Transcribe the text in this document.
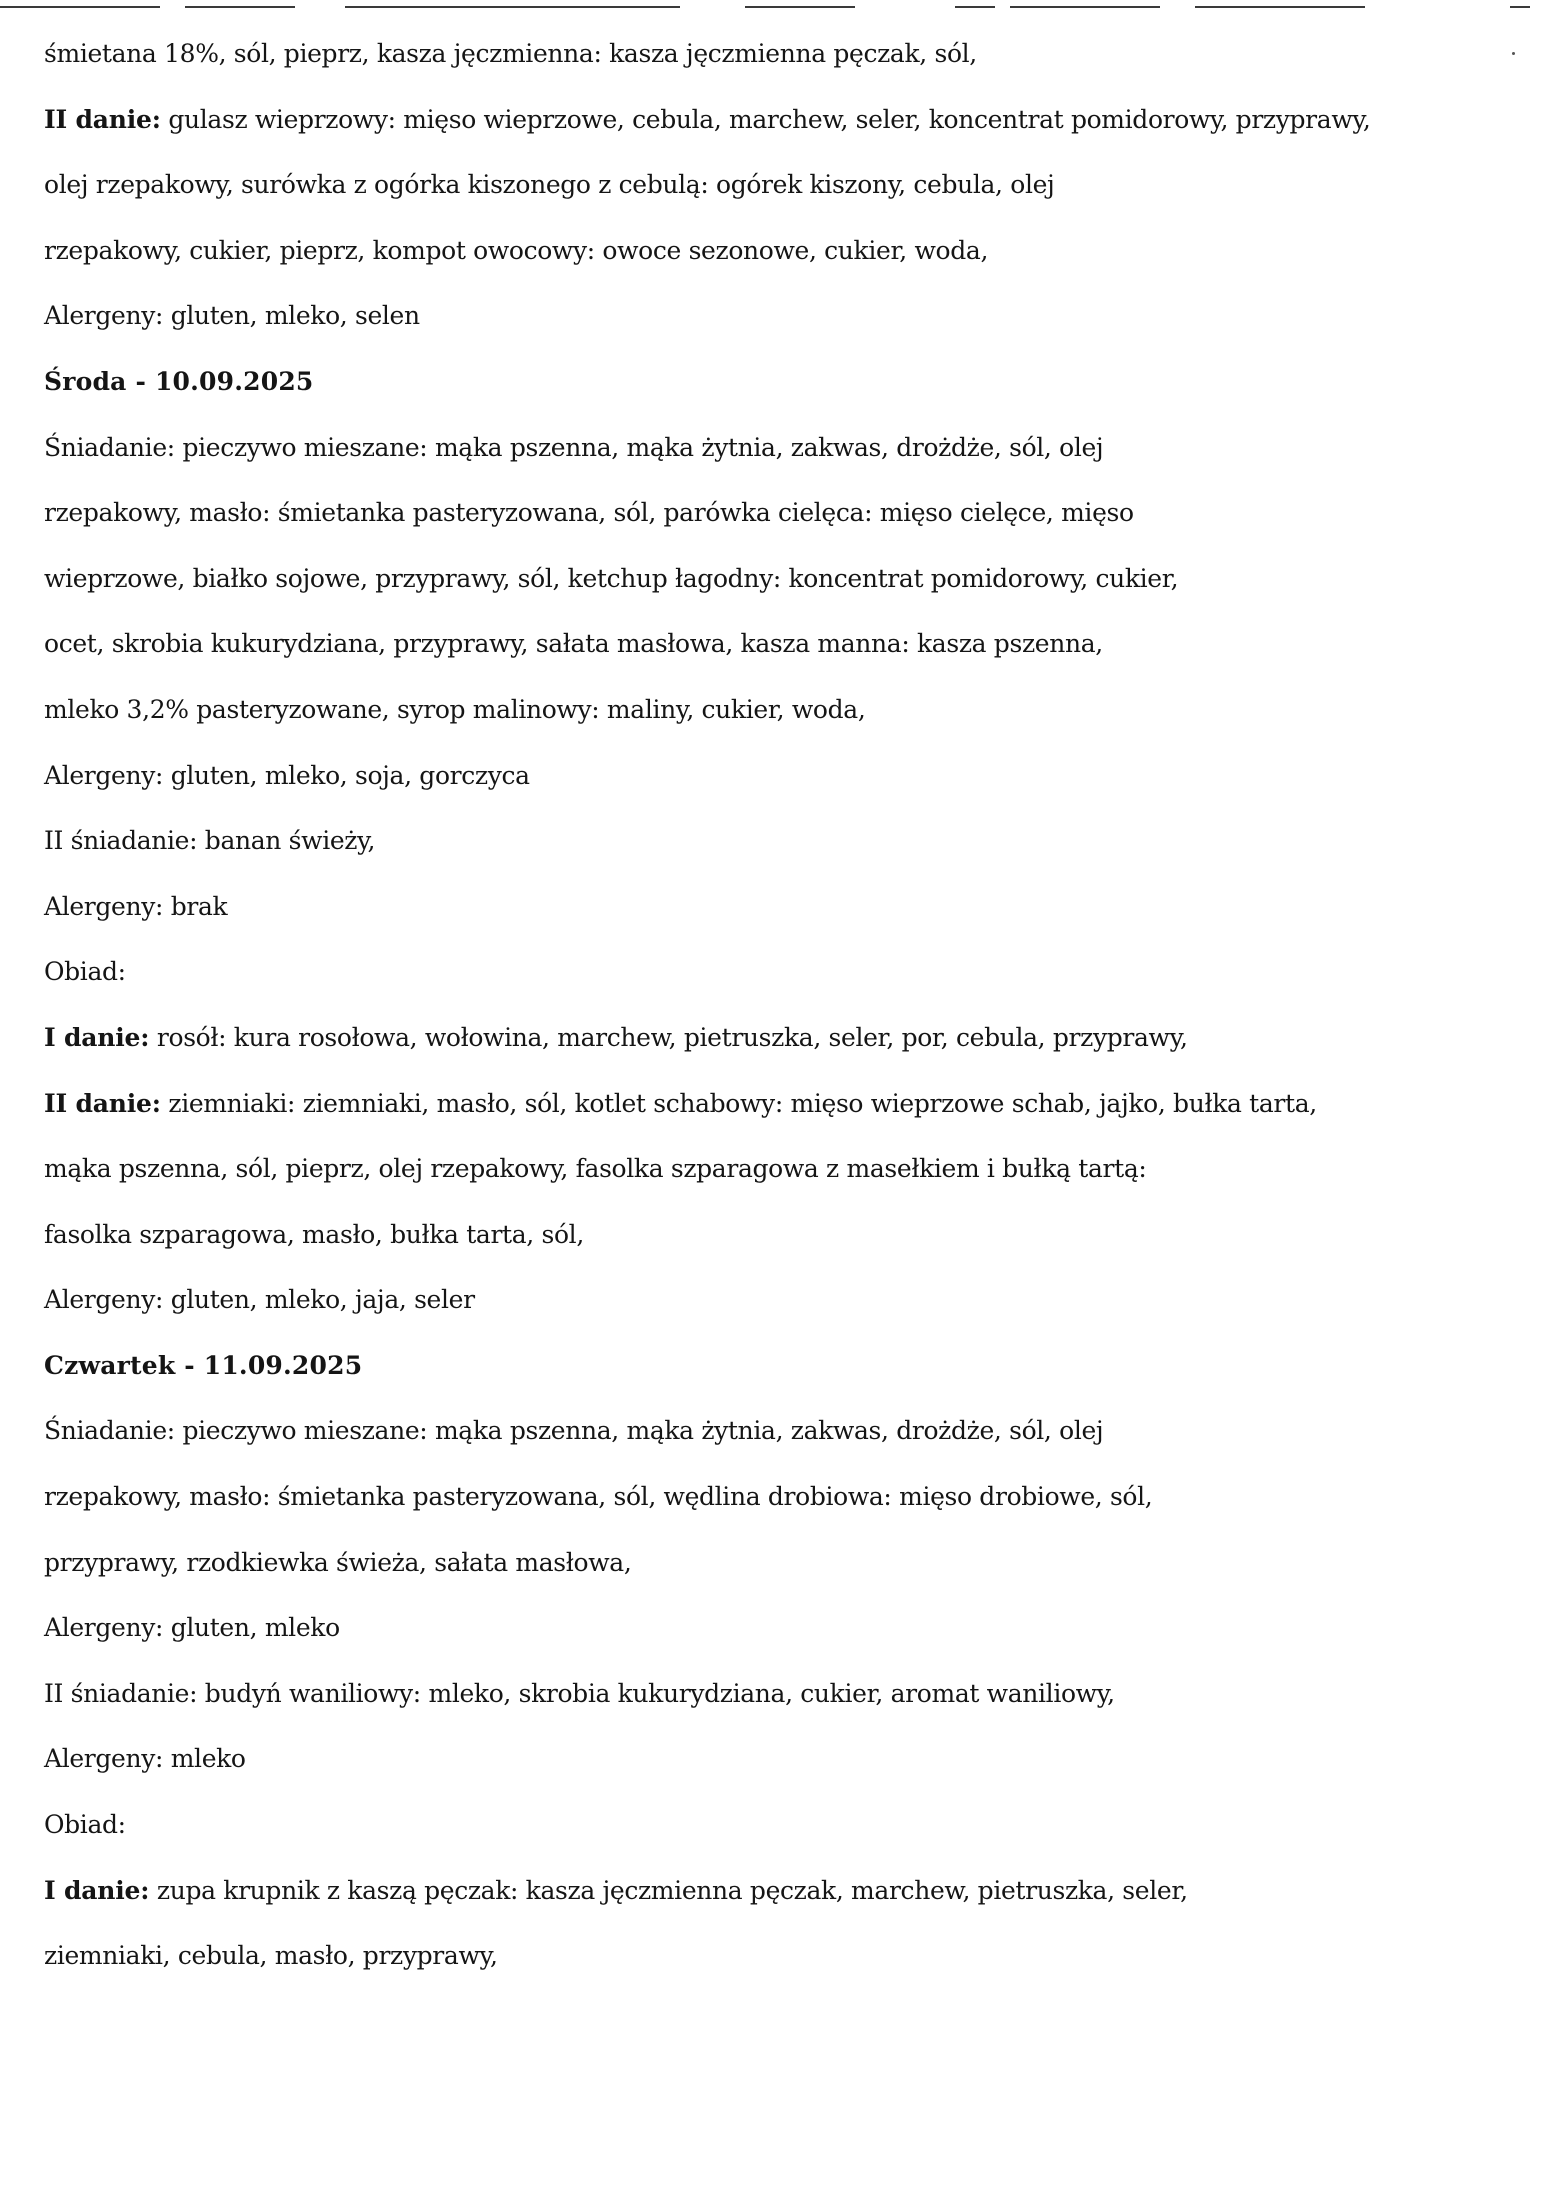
śmietana 18%, sól, pieprz, kasza jęczmienna: kasza jęczmienna pęczak, sól,
II danie: gulasz wieprzowy: mięso wieprzowe, cebula, marchew, seler, koncentrat pomidorowy, przyprawy,
olej rzepakowy, surówka z ogórka kiszonego z cebulą: ogórek kiszony, cebula, olej
rzepakowy, cukier, pieprz, kompot owocowy: owoce sezonowe, cukier, woda,
Alergeny: gluten, mleko, selen
Środa - 10.09.2025
Śniadanie: pieczywo mieszane: mąka pszenna, mąka żytnia, zakwas, drożdże, sól, olej
rzepakowy, masło: śmietanka pasteryzowana, sól, parówka cielęca: mięso cielęce, mięso
wieprzowe, białko sojowe, przyprawy, sól, ketchup łagodny: koncentrat pomidorowy, cukier,
ocet, skrobia kukurydziana, przyprawy, sałata masłowa, kasza manna: kasza pszenna,
mleko 3,2% pasteryzowane, syrop malinowy: maliny, cukier, woda,
Alergeny: gluten, mleko, soja, gorczyca
II śniadanie: banan świeży,
Alergeny: brak
Obiad:
I danie: rosół: kura rosołowa, wołowina, marchew, pietruszka, seler, por, cebula, przyprawy,
II danie: ziemniaki: ziemniaki, masło, sól, kotlet schabowy: mięso wieprzowe schab, jajko, bułka tarta,
mąka pszenna, sól, pieprz, olej rzepakowy, fasolka szparagowa z masełkiem i bułką tartą:
fasolka szparagowa, masło, bułka tarta, sól,
Alergeny: gluten, mleko, jaja, seler
Czwartek - 11.09.2025
Śniadanie: pieczywo mieszane: mąka pszenna, mąka żytnia, zakwas, drożdże, sól, olej
rzepakowy, masło: śmietanka pasteryzowana, sól, wędlina drobiowa: mięso drobiowe, sól,
przyprawy, rzodkiewka świeża, sałata masłowa,
Alergeny: gluten, mleko
II śniadanie: budyń waniliowy: mleko, skrobia kukurydziana, cukier, aromat waniliowy,
Alergeny: mleko
Obiad:
I danie: zupa krupnik z kaszą pęczak: kasza jęczmienna pęczak, marchew, pietruszka, seler,
ziemniaki, cebula, masło, przyprawy,
